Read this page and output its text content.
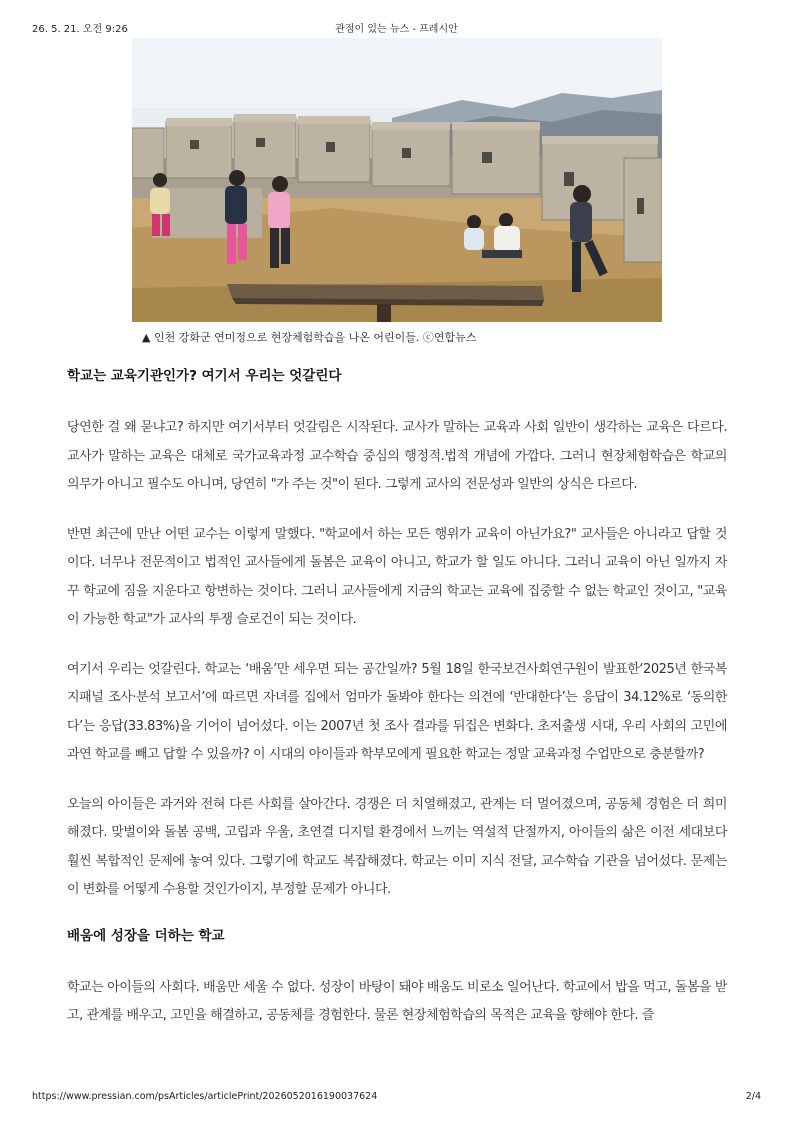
26. 5. 21. 오전 9:26	관점이 있는 뉴스 - 프레시안
▲ 인천 강화군 연미정으로 현장체험학습을 나온 어린이들. ⓒ연합뉴스
학교는 교육기관인가? 여기서 우리는 엇갈린다

당연한 걸 왜 묻냐고? 하지만 여기서부터 엇갈림은 시작된다. 교사가 말하는 교육과 사회 일반이 생각하는 교육은 다르다. 교사가 말하는 교육은 대체로 국가교육과정 교수학습 중심의 행정적.법적 개념에 가깝다. 그러니 현장체험학습은 학교의 의무가 아니고 필수도 아니며, 당연히 "가 주는 것"이 된다. 그렇게 교사의 전문성과 일반의 상식은 다르다.

반면 최근에 만난 어떤 교수는 이렇게 말했다. "학교에서 하는 모든 행위가 교육이 아닌가요?" 교사들은 아니라고 답할 것이다. 너무나 전문적이고 법적인 교사들에게 돌봄은 교육이 아니고, 학교가 할 일도 아니다. 그러니 교육이 아닌 일까지 자꾸 학교에 짐을 지운다고 항변하는 것이다. 그러니 교사들에게 지금의 학교는 교육에 집중할 수 없는 학교인 것이고, "교육이 가능한 학교"가 교사의 투쟁 슬로건이 되는 것이다.

여기서 우리는 엇갈린다. 학교는 ‘배움’만 세우면 되는 공간일까? 5월 18일 한국보건사회연구원이 발표한‘2025년 한국복지패널 조사·분석 보고서’에 따르면 자녀를 집에서 엄마가 돌봐야 한다는 의견에 ‘반대한다’는 응답이 34.12%로 ‘동의한다’는 응답(33.83%)을 기어이 넘어섰다. 이는 2007년 첫 조사 결과를 뒤집은 변화다. 초저출생 시대, 우리 사회의 고민에 과연 학교를 빼고 답할 수 있을까? 이 시대의 아이들과 학부모에게 필요한 학교는 정말 교육과정 수업만으로 충분할까?

오늘의 아이들은 과거와 전혀 다른 사회를 살아간다. 경쟁은 더 치열해졌고, 관계는 더 멀어졌으며, 공동체 경험은 더 희미해졌다. 맞벌이와 돌봄 공백, 고립과 우울, 초연결 디지털 환경에서 느끼는 역설적 단절까지, 아이들의 삶은 이전 세대보다 훨씬 복합적인 문제에 놓여 있다. 그렇기에 학교도 복잡해졌다. 학교는 이미 지식 전달, 교수학습 기관을 넘어섰다. 문제는 이 변화를 어떻게 수용할 것인가이지, 부정할 문제가 아니다.

배움에 성장을 더하는 학교

학교는 아이들의 사회다. 배움만 세울 수 없다. 성장이 바탕이 돼야 배움도 비로소 일어난다. 학교에서 밥을 먹고, 돌봄을 받고, 관계를 배우고, 고민을 해결하고, 공동체를 경험한다. 물론 현장체험학습의 목적은 교육을 향해야 한다. 즐

https://www.pressian.com/psArticles/articlePrint/2026052016190037624	2/4
